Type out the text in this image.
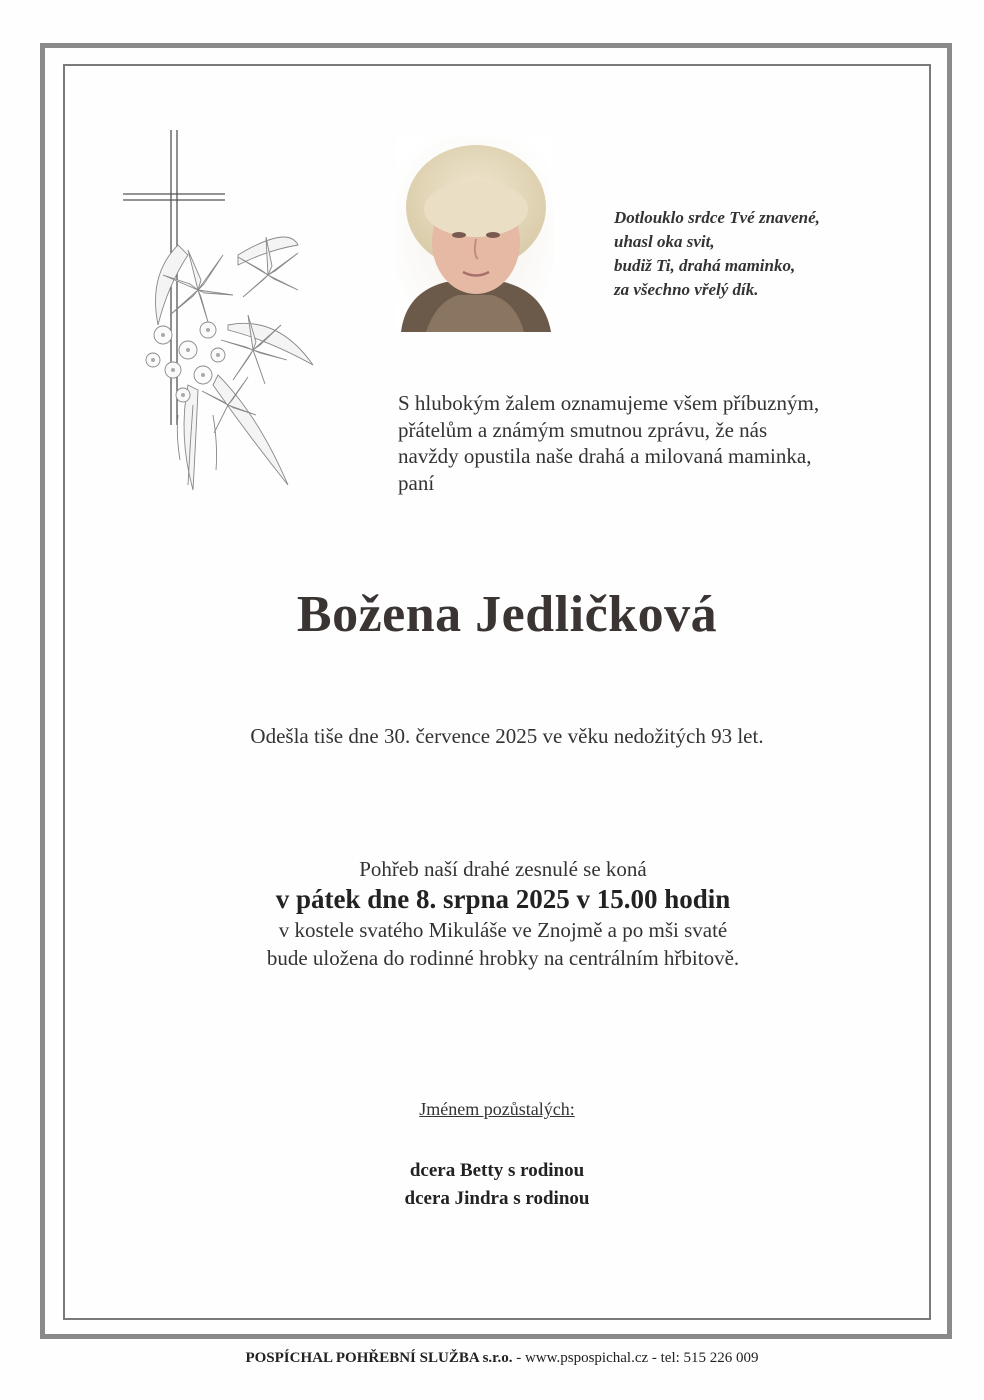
Dotlouklo srdce Tvé znavené,
uhasl oka svit,
budiž Ti, drahá maminko,
za všechno vřelý dík.
S hlubokým žalem oznamujeme všem příbuzným,
přátelům a známým smutnou zprávu, že nás
navždy opustila naše drahá a milovaná maminka,
paní
Božena Jedličková
Odešla tiše dne 30. července 2025 ve věku nedožitých 93 let.
Pohřeb naší drahé zesnulé se koná
v pátek dne 8. srpna 2025 v 15.00 hodin
v kostele svatého Mikuláše ve Znojmě a po mši svaté
bude uložena do rodinné hrobky na centrálním hřbitově.
Jménem pozůstalých:
dcera Betty s rodinou
dcera Jindra s rodinou
POSPÍCHAL POHŘEBNÍ SLUŽBA s.r.o. - www.pspospichal.cz - tel: 515 226 009
